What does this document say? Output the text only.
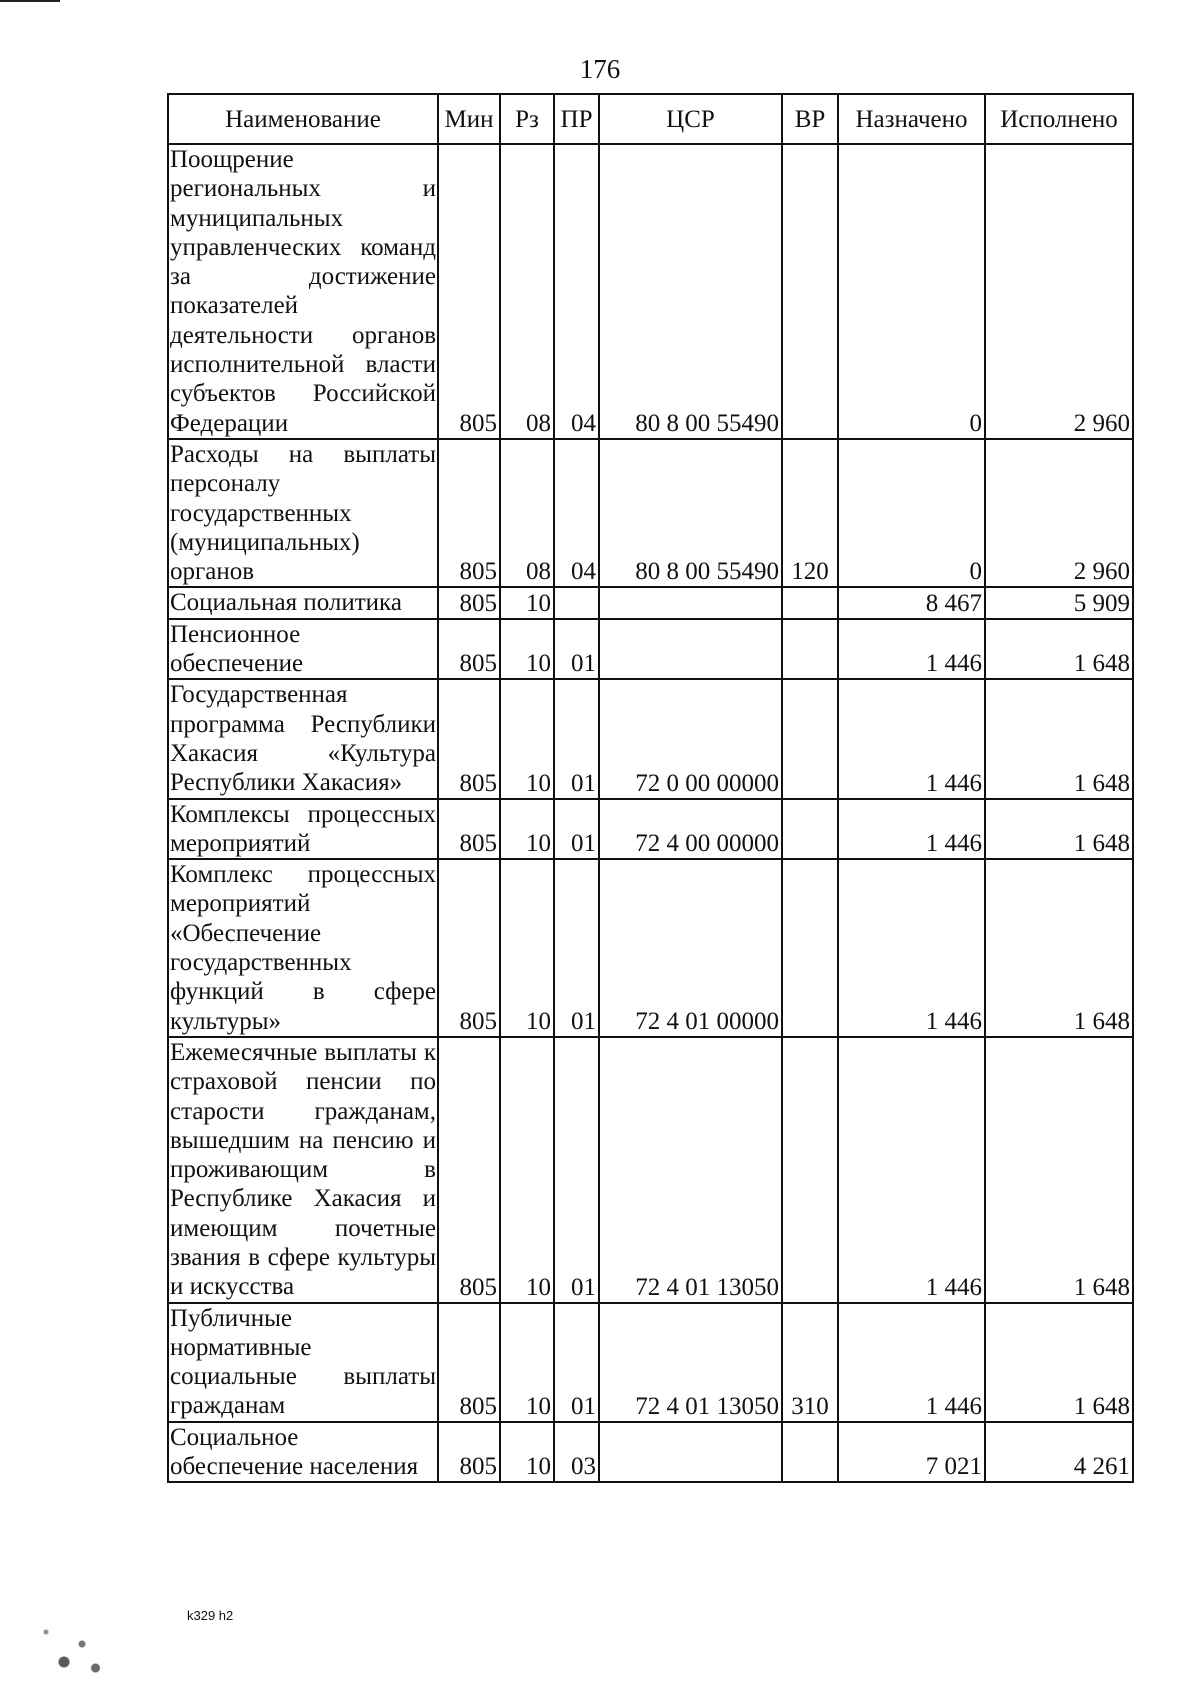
176
Наименование	Мин	Рз	ПР	ЦСР	ВР	Назначено	Исполнено
Поощрение региональных и муниципальных управленческих команд за достижение показателей деятельности органов исполнительной власти субъектов Российской Федерации	805	08	04	80 8 00 55490		0	2 960
Расходы на выплаты персоналу государственных (муниципальных) органов	805	08	04	80 8 00 55490	120	0	2 960
Социальная политика	805	10				8 467	5 909
Пенсионное обеспечение	805	10	01			1 446	1 648
Государственная программа Республики Хакасия «Культура Республики Хакасия»	805	10	01	72 0 00 00000		1 446	1 648
Комплексы процессных мероприятий	805	10	01	72 4 00 00000		1 446	1 648
Комплекс процессных мероприятий «Обеспечение государственных функций в сфере культуры»	805	10	01	72 4 01 00000		1 446	1 648
Ежемесячные выплаты к страховой пенсии по старости гражданам, вышедшим на пенсию и проживающим в Республике Хакасия и имеющим почетные звания в сфере культуры и искусства	805	10	01	72 4 01 13050		1 446	1 648
Публичные нормативные социальные выплаты гражданам	805	10	01	72 4 01 13050	310	1 446	1 648
Социальное обеспечение населения	805	10	03			7 021	4 261
k329 h2
